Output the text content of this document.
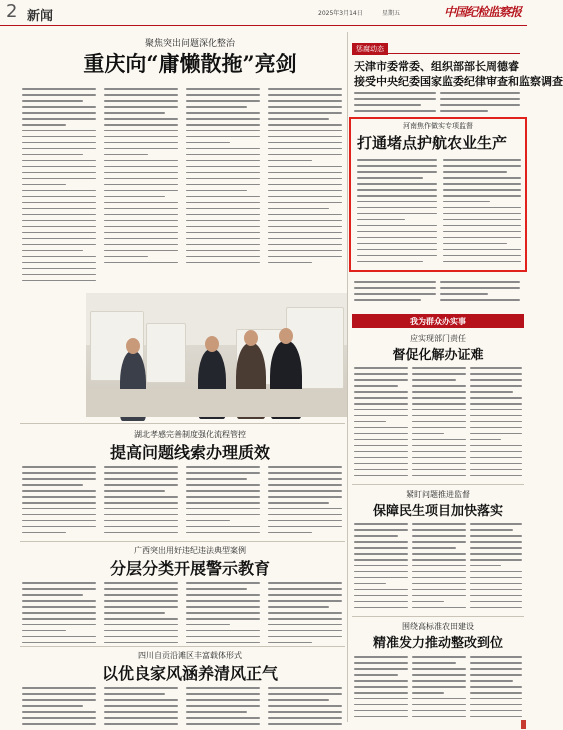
2 新闻	2025年3月14日	星期五	中国纪检监察报
聚焦突出问题深化整治
重庆向“庸懒散拖”亮剑
湖北孝感完善制度强化流程管控
提高问题线索办理质效
广西突出用好违纪违法典型案例
分层分类开展警示教育
四川自贡沿滩区丰富载体形式
以优良家风涵养清风正气
惩腐动态
天津市委常委、组织部部长周德睿
接受中央纪委国家监委纪律审查和监察调查
河南焦作做实专项监督
打通堵点护航农业生产
我为群众办实事
应实现部门责任
督促化解办证难
紧盯问题推进监督
保障民生项目加快落实
围绕高标准农田建设
精准发力推动整改到位
